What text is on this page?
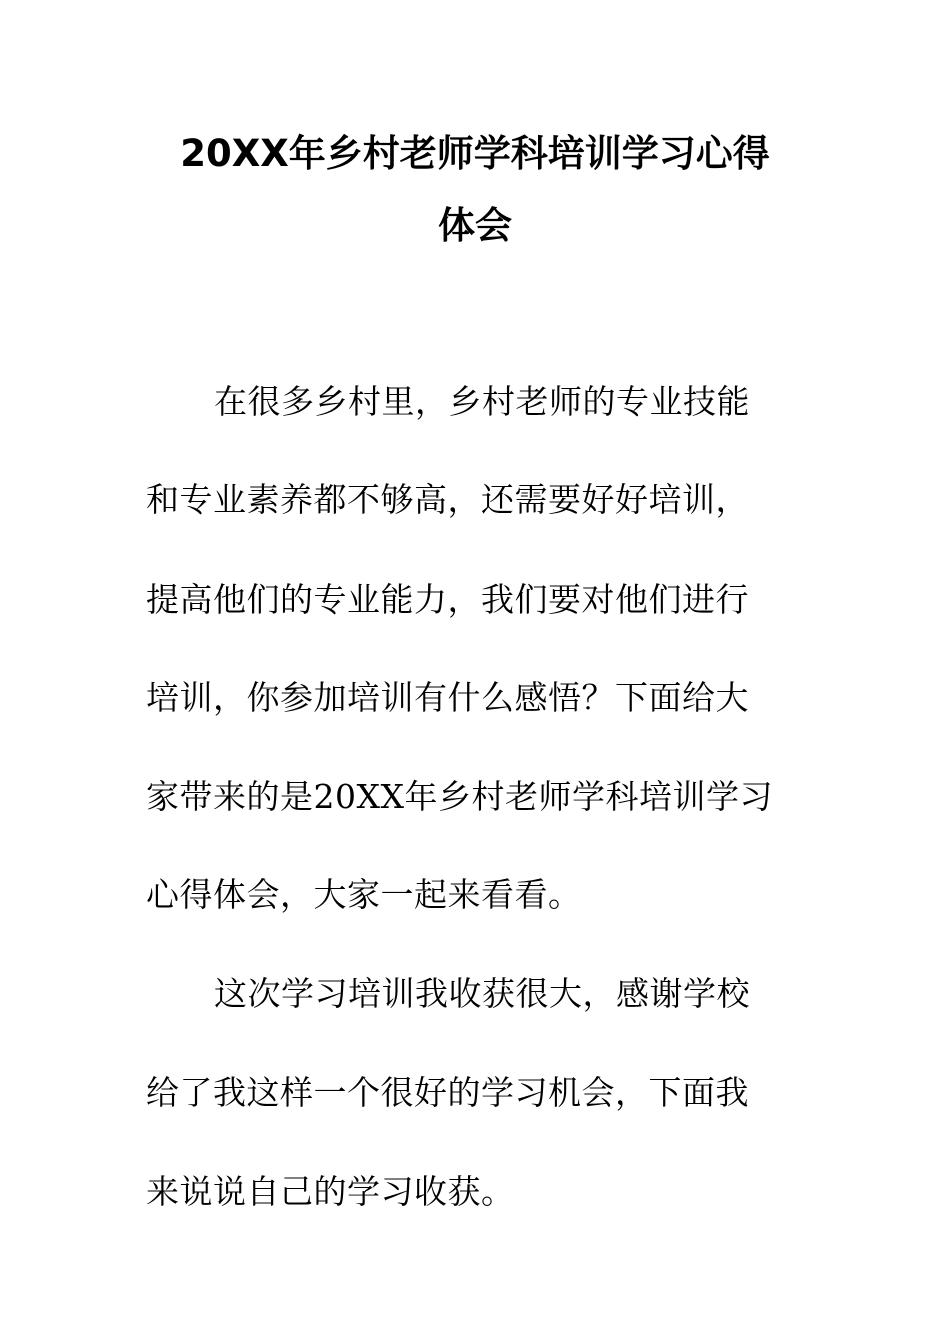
20XX年乡村老师学科培训学习心得
体会
在很多乡村里，乡村老师的专业技能
和专业素养都不够高，还需要好好培训，
提高他们的专业能力，我们要对他们进行
培训，你参加培训有什么感悟？下面给大
家带来的是20XX年乡村老师学科培训学习
心得体会，大家一起来看看。
这次学习培训我收获很大，感谢学校
给了我这样一个很好的学习机会，下面我
来说说自己的学习收获。
